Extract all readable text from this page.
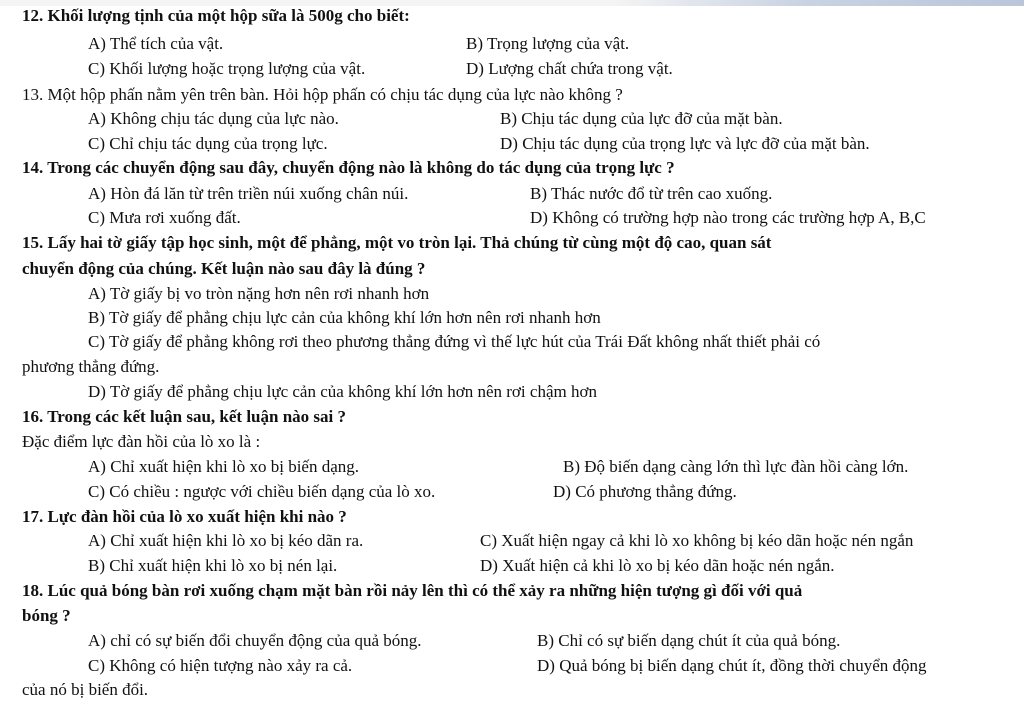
12. Khối lượng tịnh của một hộp sữa là 500g cho biết:
A) Thể tích của vật.	B) Trọng lượng của vật.
C) Khối lượng hoặc trọng lượng của vật.	D) Lượng chất chứa trong vật.
13. Một hộp phấn nằm yên trên bàn. Hỏi hộp phấn có chịu tác dụng của lực nào không ?
A) Không chịu tác dụng của lực nào.	B) Chịu tác dụng của lực đỡ của mặt bàn.
C) Chỉ chịu tác dụng của trọng lực.	D) Chịu tác dụng của trọng lực và lực đỡ của mặt bàn.
14. Trong các chuyển động sau đây, chuyển động nào là không do tác dụng của trọng lực ?
A) Hòn đá lăn từ trên triền núi xuống chân núi.	B) Thác nước đổ từ trên cao xuống.
C) Mưa rơi xuống đất.	D) Không có trường hợp nào trong các trường hợp A, B,C
15. Lấy hai tờ giấy tập học sinh, một để phẳng, một vo tròn lại. Thả chúng từ cùng một độ cao, quan sát
chuyển động của chúng. Kết luận nào sau đây là đúng ?
A) Tờ giấy bị vo tròn nặng hơn nên rơi nhanh hơn
B) Tờ giấy để phẳng chịu lực cản của không khí lớn hơn nên rơi nhanh hơn
C) Tờ giấy để phẳng không rơi theo phương thẳng đứng vì thế lực hút của Trái Đất không nhất thiết phải có
phương thẳng đứng.
D) Tờ giấy để phẳng chịu lực cản của không khí lớn hơn nên rơi chậm hơn
16. Trong các kết luận sau, kết luận nào sai ?
Đặc điểm lực đàn hồi của lò xo là :
A) Chỉ xuất hiện khi lò xo bị biến dạng.	B) Độ biến dạng càng lớn thì lực đàn hồi càng lớn.
C) Có chiều : ngược với chiều biến dạng của lò xo.	D) Có phương thẳng đứng.
17. Lực đàn hồi của lò xo xuất hiện khi nào ?
A) Chỉ xuất hiện khi lò xo bị kéo dãn ra.	C) Xuất hiện ngay cả khi lò xo không bị kéo dãn hoặc nén ngắn
B) Chỉ xuất hiện khi lò xo bị nén lại.	D) Xuất hiện cả khi lò xo bị kéo dãn hoặc nén ngắn.
18. Lúc quả bóng bàn rơi xuống chạm mặt bàn rồi nảy lên thì có thể xảy ra những hiện tượng gì đối với quả
bóng ?
A) chỉ có sự biến đổi chuyển động của quả bóng.	B) Chỉ có sự biến dạng chút ít của quả bóng.
C) Không có hiện tượng nào xảy ra cả.	D) Quả bóng bị biến dạng chút ít, đồng thời chuyển động
của nó bị biến đổi.
